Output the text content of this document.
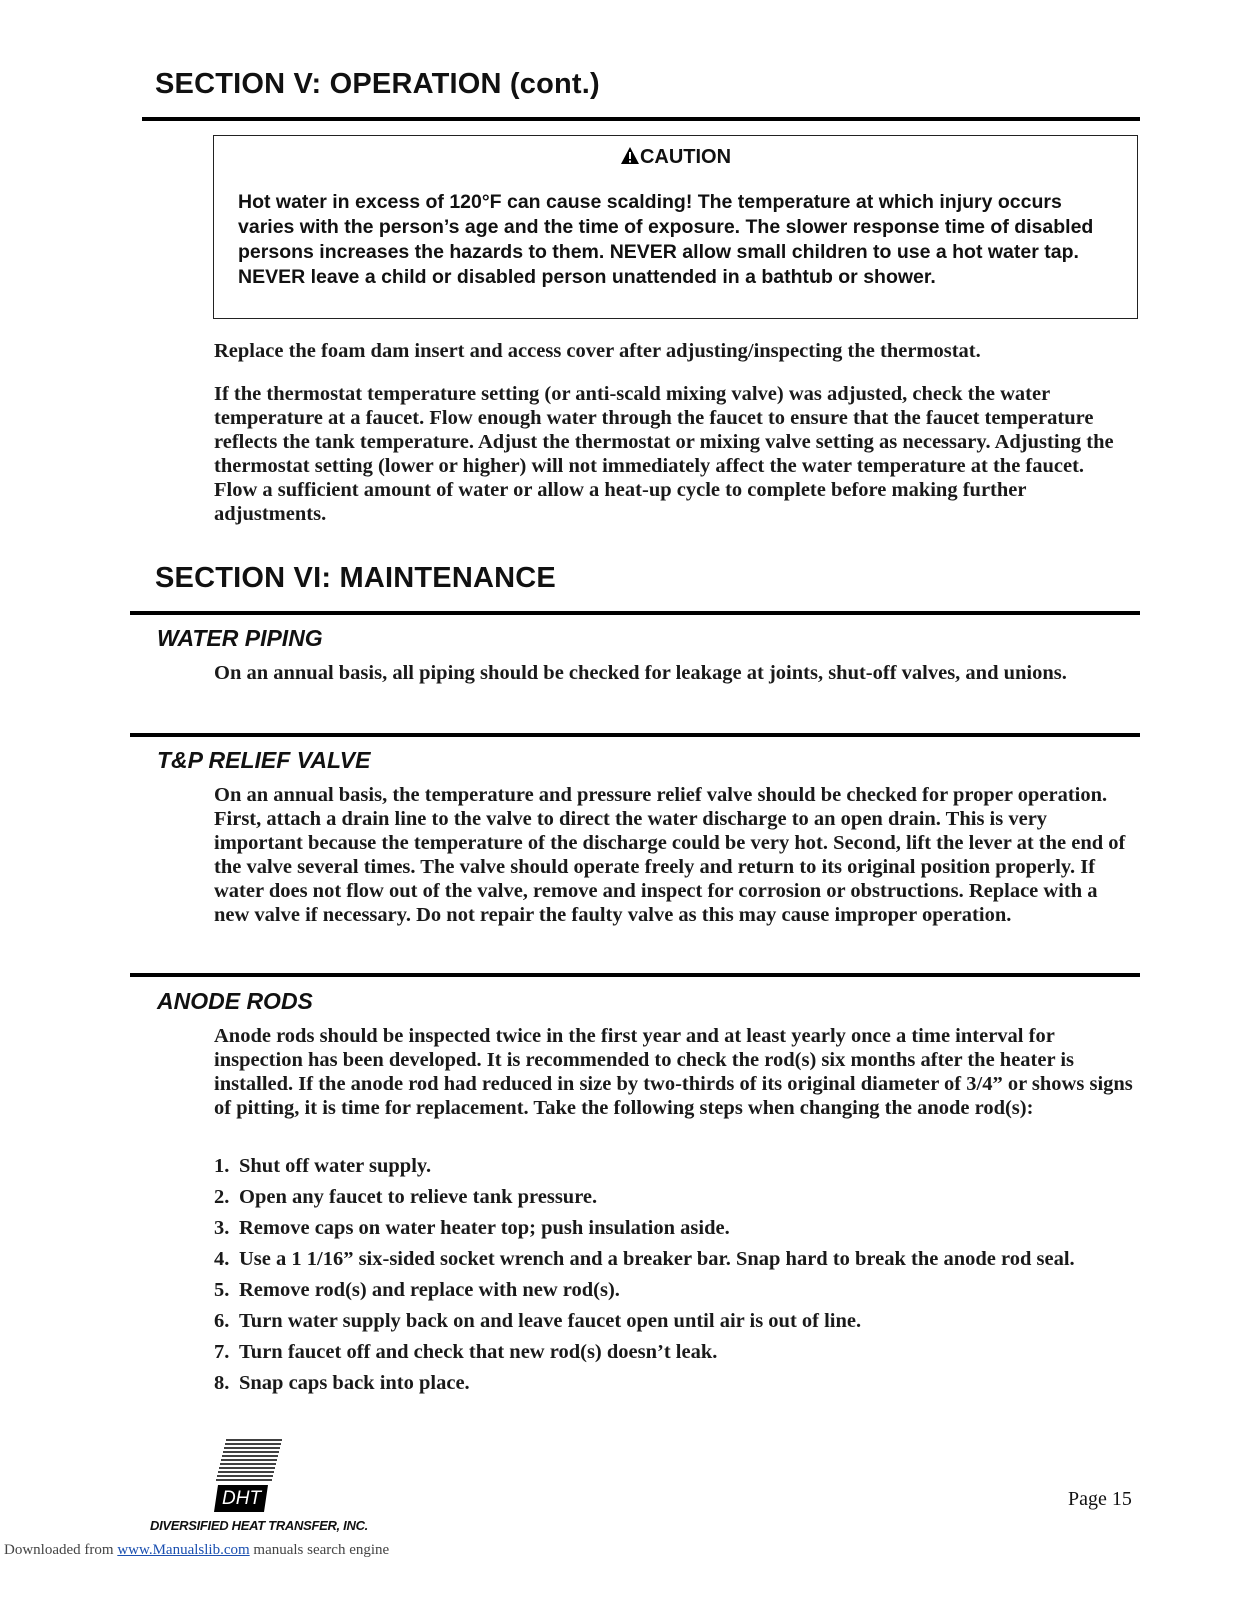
SECTION V: OPERATION (cont.)
CAUTION
Hot water in excess of 120°F can cause scalding! The temperature at which injury occurs varies with the person’s age and the time of exposure. The slower response time of disabled persons increases the hazards to them. NEVER allow small children to use a hot water tap. NEVER leave a child or disabled person unattended in a bathtub or shower.
Replace the foam dam insert and access cover after adjusting/inspecting the thermostat.
If the thermostat temperature setting (or anti-scald mixing valve) was adjusted, check the water temperature at a faucet. Flow enough water through the faucet to ensure that the faucet temperature reflects the tank temperature. Adjust the thermostat or mixing valve setting as necessary. Adjusting the thermostat setting (lower or higher) will not immediately affect the water temperature at the faucet. Flow a sufficient amount of water or allow a heat-up cycle to complete before making further adjustments.
SECTION VI: MAINTENANCE
WATER PIPING
On an annual basis, all piping should be checked for leakage at joints, shut-off valves, and unions.
T&P RELIEF VALVE
On an annual basis, the temperature and pressure relief valve should be checked for proper operation. First, attach a drain line to the valve to direct the water discharge to an open drain. This is very important because the temperature of the discharge could be very hot. Second, lift the lever at the end of the valve several times. The valve should operate freely and return to its original position properly. If water does not flow out of the valve, remove and inspect for corrosion or obstructions. Replace with a new valve if necessary. Do not repair the faulty valve as this may cause improper operation.
ANODE RODS
Anode rods should be inspected twice in the first year and at least yearly once a time interval for inspection has been developed. It is recommended to check the rod(s) six months after the heater is installed. If the anode rod had reduced in size by two-thirds of its original diameter of 3/4” or shows signs of pitting, it is time for replacement. Take the following steps when changing the anode rod(s):
1. Shut off water supply.
2. Open any faucet to relieve tank pressure.
3. Remove caps on water heater top; push insulation aside.
4. Use a 1 1/16” six-sided socket wrench and a breaker bar. Snap hard to break the anode rod seal.
5. Remove rod(s) and replace with new rod(s).
6. Turn water supply back on and leave faucet open until air is out of line.
7. Turn faucet off and check that new rod(s) doesn’t leak.
8. Snap caps back into place.
DHT
DIVERSIFIED HEAT TRANSFER, INC.
Page 15
Downloaded from www.Manualslib.com manuals search engine
